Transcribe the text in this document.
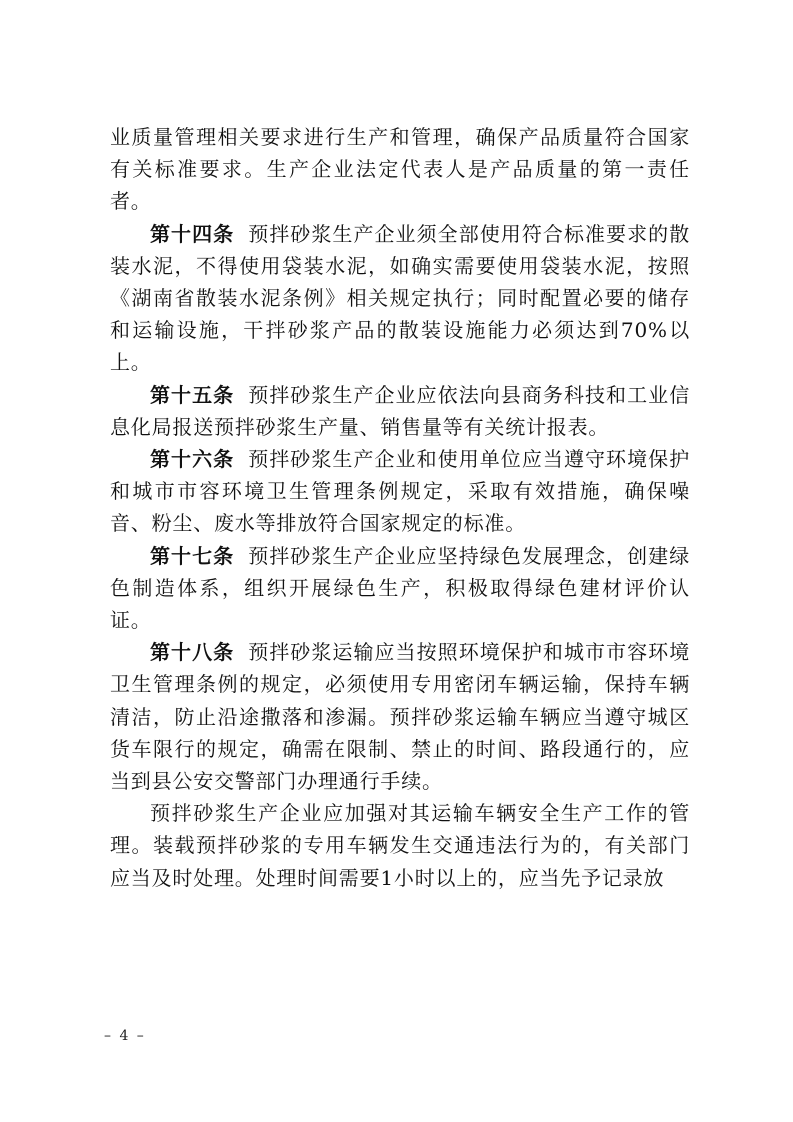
业质量管理相关要求进行生产和管理，确保产品质量符合国家有关标准要求。生产企业法定代表人是产品质量的第一责任者。

第十四条 预拌砂浆生产企业须全部使用符合标准要求的散装水泥，不得使用袋装水泥，如确实需要使用袋装水泥，按照《湖南省散装水泥条例》相关规定执行；同时配置必要的储存和运输设施，干拌砂浆产品的散装设施能力必须达到70%以上。

第十五条 预拌砂浆生产企业应依法向县商务科技和工业信息化局报送预拌砂浆生产量、销售量等有关统计报表。

第十六条 预拌砂浆生产企业和使用单位应当遵守环境保护和城市市容环境卫生管理条例规定，采取有效措施，确保噪音、粉尘、废水等排放符合国家规定的标准。

第十七条 预拌砂浆生产企业应坚持绿色发展理念，创建绿色制造体系，组织开展绿色生产，积极取得绿色建材评价认证。

第十八条 预拌砂浆运输应当按照环境保护和城市市容环境卫生管理条例的规定，必须使用专用密闭车辆运输，保持车辆清洁，防止沿途撒落和渗漏。预拌砂浆运输车辆应当遵守城区货车限行的规定，确需在限制、禁止的时间、路段通行的，应当到县公安交警部门办理通行手续。

预拌砂浆生产企业应加强对其运输车辆安全生产工作的管理。装载预拌砂浆的专用车辆发生交通违法行为的，有关部门应当及时处理。处理时间需要1小时以上的，应当先予记录放

– 4 –
